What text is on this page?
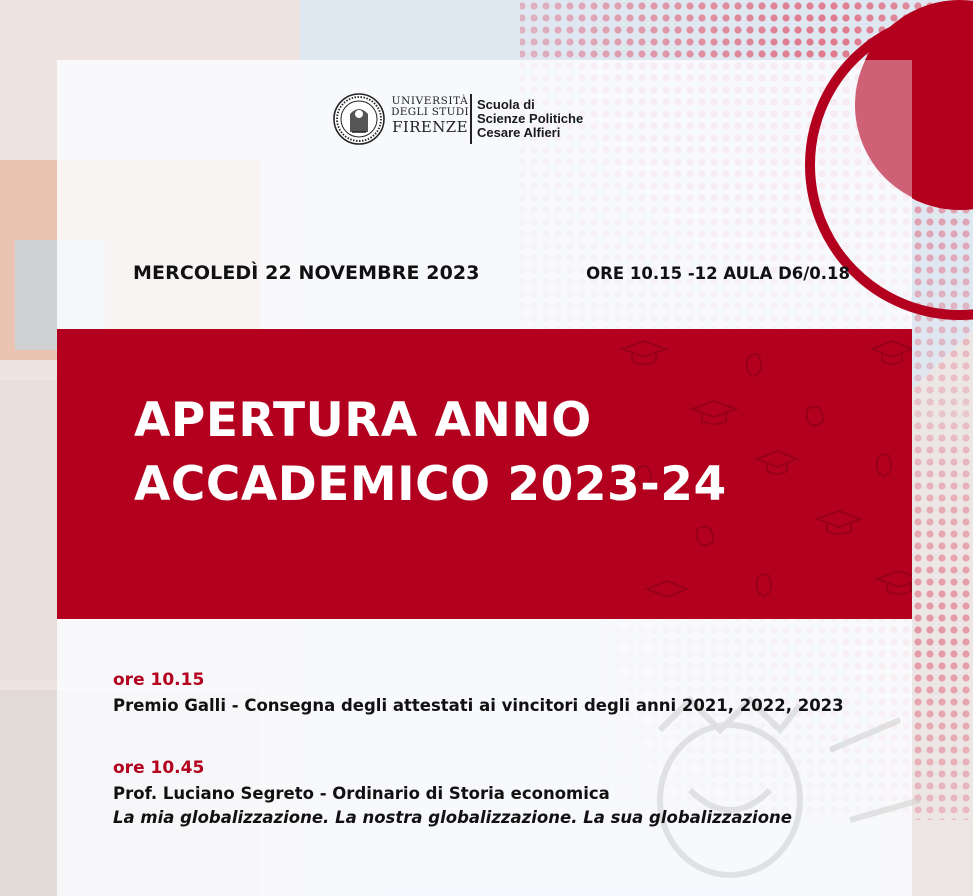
UNIVERSITÀ
DEGLI STUDI
FIRENZE
Scuola di
Scienze Politiche
Cesare Alfieri
MERCOLEDÌ 22 NOVEMBRE 2023	ORE 10.15 -12 AULA D6/0.18
APERTURA ANNO
ACCADEMICO 2023-24
ore 10.15
Premio Galli - Consegna degli attestati ai vincitori degli anni 2021, 2022, 2023
ore 10.45
Prof. Luciano Segreto - Ordinario di Storia economica
La mia globalizzazione. La nostra globalizzazione. La sua globalizzazione
